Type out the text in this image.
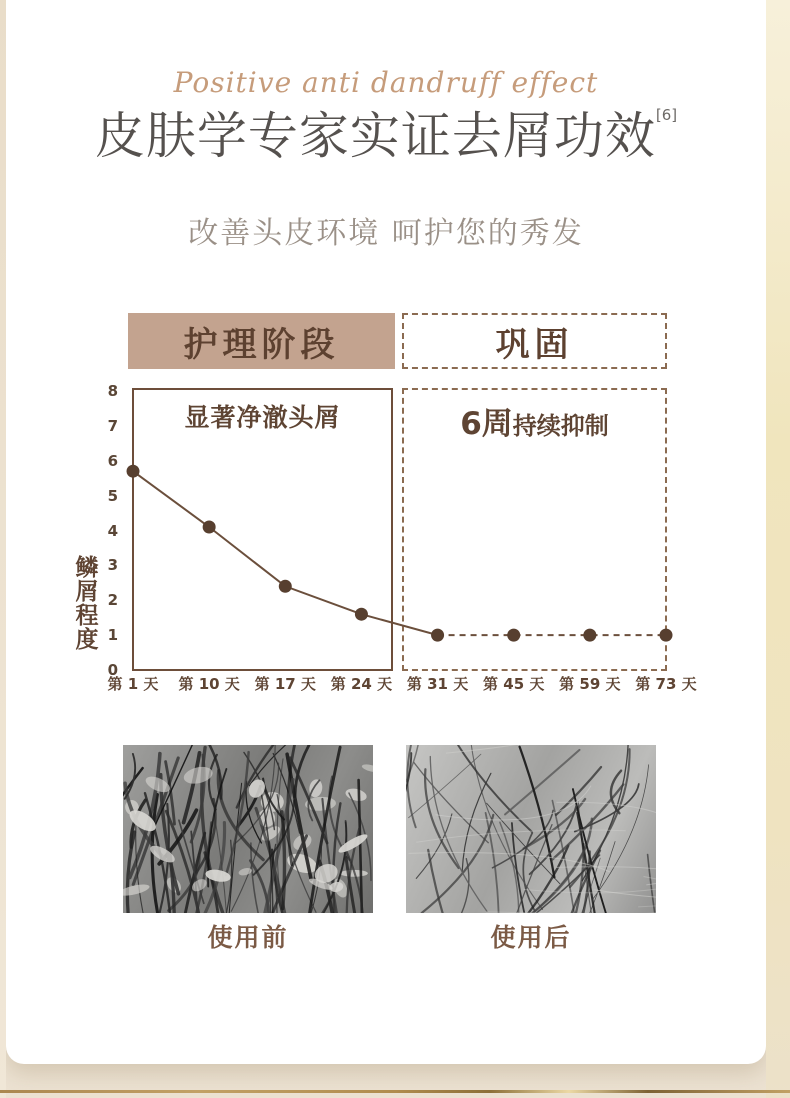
Positive anti dandruff effect
皮肤学专家实证去屑功效 [6]
改善头皮环境 呵护您的秀发
护理阶段	巩固
显著净澈头屑	6周持续抑制
鳞
屑
程
度
0
1
2
3
4
5
6
7
8
第 1 天	第 10 天 第 17 天 第 24 天 第 31 天 第 45 天 第 59 天 第 73 天
使用前	使用后
